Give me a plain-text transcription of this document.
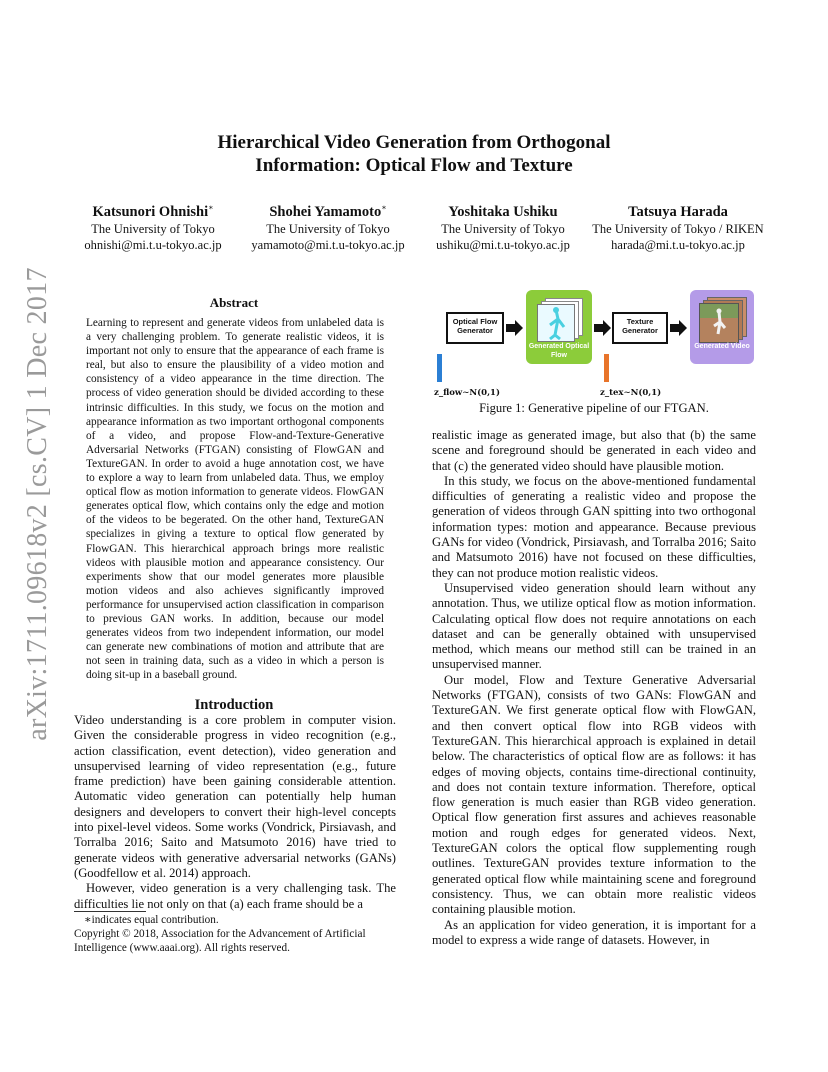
Hierarchical Video Generation from Orthogonal
Information: Optical Flow and Texture
Katsunori Ohnishi∗
The University of Tokyo
ohnishi@mi.t.u-tokyo.ac.jp
Shohei Yamamoto∗
The University of Tokyo
yamamoto@mi.t.u-tokyo.ac.jp
Yoshitaka Ushiku
The University of Tokyo
ushiku@mi.t.u-tokyo.ac.jp
Tatsuya Harada
The University of Tokyo / RIKEN
harada@mi.t.u-tokyo.ac.jp
arXiv:1711.09618v2 [cs.CV] 1 Dec 2017	Abstract
Learning to represent and generate videos from unlabeled data is a very challenging problem. To generate realistic videos, it is important not only to ensure that the appearance of each frame is real, but also to ensure the plausibility of a video motion and consistency of a video appearance in the time direction. The process of video generation should be divided according to these intrinsic difficulties. In this study, we focus on the motion and appearance information as two important orthogonal components of a video, and propose Flow-and-Texture-Generative Adversarial Networks (FTGAN) consisting of FlowGAN and TextureGAN. In order to avoid a huge annotation cost, we have to explore a way to learn from unlabeled data. Thus, we employ optical flow as motion information to generate videos. FlowGAN generates optical flow, which contains only the edge and motion of the videos to be begerated. On the other hand, TextureGAN specializes in giving a texture to optical flow generated by FlowGAN. This hierarchical approach brings more realistic videos with plausible motion and appearance consistency. Our experiments show that our model generates more plausible motion videos and also achieves significantly improved performance for unsupervised action classification in comparison to previous GAN works. In addition, because our model generates videos from two independent information, our model can generate new combinations of motion and attribute that are not seen in training data, such as a video in which a person is doing sit-up in a baseball ground.
Introduction

Video understanding is a core problem in computer vision. Given the considerable progress in video recognition (e.g., action classification, event detection), video generation and unsupervised learning of video representation (e.g., future frame prediction) have been gaining considerable attention. Automatic video generation can potentially help human designers and developers to convert their high-level concepts into pixel-level videos. Some works (Vondrick, Pirsiavash, and Torralba 2016; Saito and Matsumoto 2016) have tried to generate videos with generative adversarial networks (GANs) (Goodfellow et al. 2014) approach.

However, video generation is a very challenging task. The difficulties lie not only on that (a) each frame should be a

∗indicates equal contribution.
Copyright © 2018, Association for the Advancement of Artificial Intelligence (www.aaai.org). All rights reserved.
Optical Flow Generator
Generated Optical Flow
Texture Generator
Generated Video
z_flow∼N(0,1)	z_tex∼N(0,1)
Figure 1: Generative pipeline of our FTGAN.

realistic image as generated image, but also that (b) the same scene and foreground should be generated in each video and that (c) the generated video should have plausible motion.

In this study, we focus on the above-mentioned fundamental difficulties of generating a realistic video and propose the generation of videos through GAN spitting into two orthogonal information types: motion and appearance. Because previous GANs for video (Vondrick, Pirsiavash, and Torralba 2016; Saito and Matsumoto 2016) have not focused on these difficulties, they can not produce motion realistic videos.

Unsupervised video generation should learn without any annotation. Thus, we utilize optical flow as motion information. Calculating optical flow does not require annotations on each dataset and can be generally obtained with unsupervised method, which means our method still can be trained in an unsupervised manner.

Our model, Flow and Texture Generative Adversarial Networks (FTGAN), consists of two GANs: FlowGAN and TextureGAN. We first generate optical flow with FlowGAN, and then convert optical flow into RGB videos with TextureGAN. This hierarchical approach is explained in detail below. The characteristics of optical flow are as follows: it has edges of moving objects, contains time-directional continuity, and does not contain texture information. Therefore, optical flow generation is much easier than RGB video generation. Optical flow generation first assures and achieves reasonable motion and rough edges for generated videos. Next, TextureGAN colors the optical flow supplementing rough outlines. TextureGAN provides texture information to the generated optical flow while maintaining scene and foreground consistency. Thus, we can obtain more realistic videos containing plausible motion.

As an application for video generation, it is important for a model to express a wide range of datasets. However, in
